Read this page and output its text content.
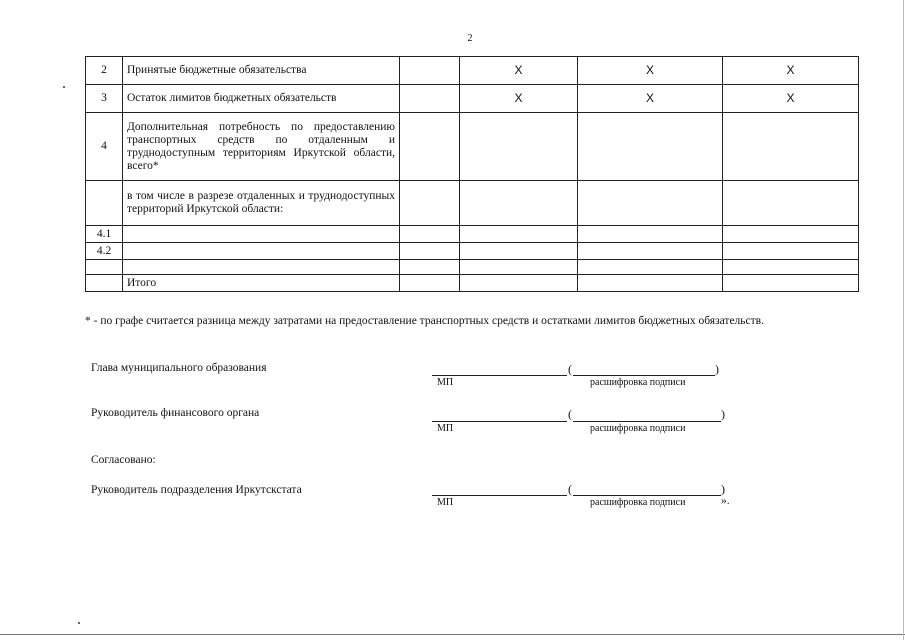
2
2	Принятые бюджетные обязательства		X	X	X
3	Остаток лимитов бюджетных обязательств		X	X	X
4	Дополнительная потребность по предоставлению транспортных средств по отдаленным и труднодоступным территориям Иркутской области, всего*				
	в том числе в разрезе отдаленных и труднодоступных территорий Иркутской области:				
4.1					
4.2					

	Итого				
* - по графе считается разница между затратами на предоставление транспортных средств и остатками лимитов бюджетных обязательств.
Глава муниципального образования	(	)
МП	расшифровка подписи
Руководитель финансового органа	(	)
МП	расшифровка подписи
Согласовано:
Руководитель подразделения Иркутскстата	(	)
МП	расшифровка подписи	».
